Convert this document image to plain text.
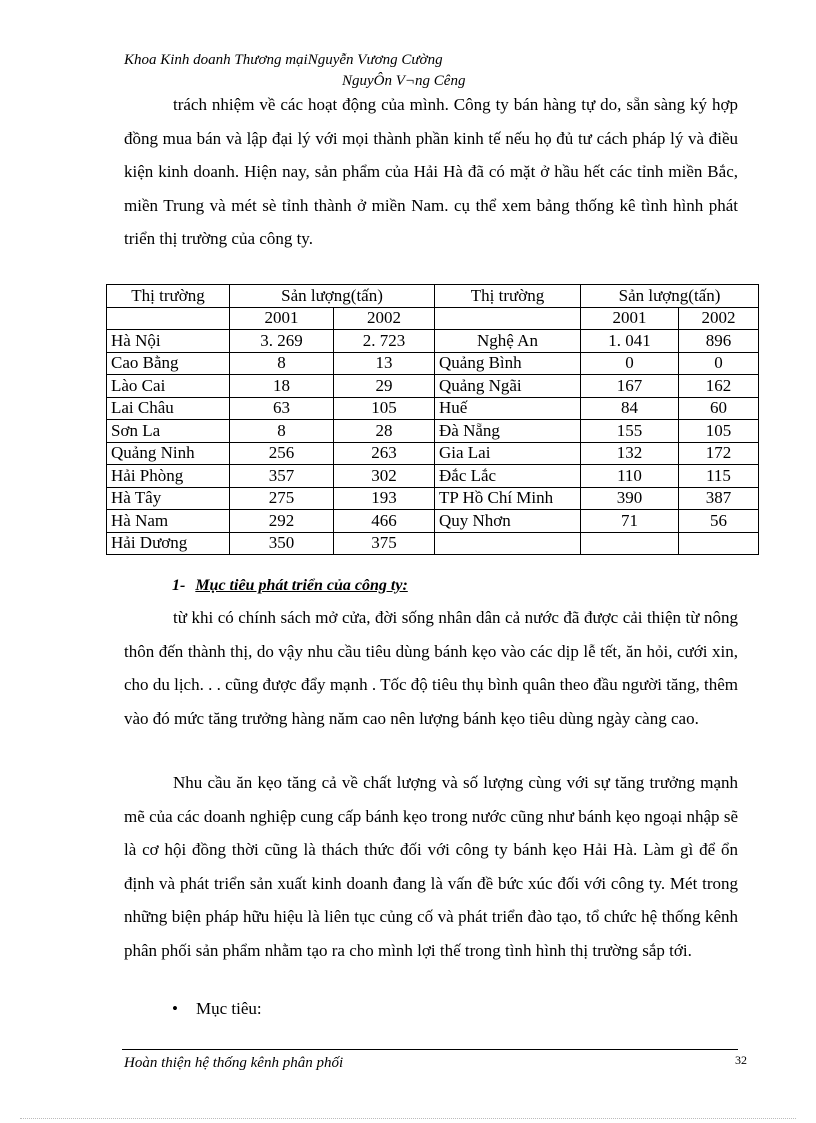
Khoa Kinh doanh Thương mạiNguyễn Vương Cường
NguyÔn V¬ng Cêng

trách nhiệm về các hoạt động của mình. Công ty bán hàng tự do, sẵn sàng ký hợp đồng mua bán và lập đại lý với mọi thành phần kinh tế nếu họ đủ tư cách pháp lý và điều kiện kinh doanh. Hiện nay, sản phẩm của Hải Hà đã có mặt ở hầu hết các tỉnh miền Bắc, miền Trung và mét sè tỉnh thành ở miền Nam. cụ thể xem bảng thống kê tình hình phát triển thị trường của công ty.

Thị trường	Sản lượng(tấn)		Thị trường	Sản lượng(tấn)	
	2001	2002		2001	2002
Hà Nội	3. 269	2. 723	Nghệ An	1. 041	896
Cao Bằng	8	13	Quảng Bình	0	0
Lào Cai	18	29	Quảng Ngãi	167	162
Lai Châu	63	105	Huế	84	60
Sơn La	8	28	Đà Nẵng	155	105
Quảng Ninh	256	263	Gia Lai	132	172
Hải Phòng	357	302	Đắc Lắc	110	115
Hà Tây	275	193	TP Hồ Chí Minh	390	387
Hà Nam	292	466	Quy Nhơn	71	56
Hải Dương	350	375			

từ khi có chính sách mở cửa, đời sống nhân dân cả nước đã được cải thiện từ nông thôn đến thành thị, do vậy nhu cầu tiêu dùng bánh kẹo vào các dịp lễ tết, ăn hỏi, cưới xin, cho du lịch. . . cũng được đẩy mạnh . Tốc độ tiêu thụ bình quân theo đầu người tăng, thêm vào đó mức tăng trưởng hàng năm cao nên lượng bánh kẹo tiêu dùng ngày càng cao.

1- Mục tiêu phát triển của công ty:

Nhu cầu ăn kẹo tăng cả về chất lượng và số lượng cùng với sự tăng trưởng mạnh mẽ của các doanh nghiệp cung cấp bánh kẹo trong nước cũng như bánh kẹo ngoại nhập sẽ là cơ hội đồng thời cũng là thách thức đối với công ty bánh kẹo Hải Hà. Làm gì để ổn định và phát triển sản xuất kinh doanh đang là vấn đề bức xúc đối với công ty. Mét trong những biện pháp hữu hiệu là liên tục củng cố và phát triển đào tạo, tổ chức hệ thống kênh phân phối sản phẩm nhằm tạo ra cho mình lợi thế trong tình hình thị trường sắp tới.

• Mục tiêu:
Hoàn thiện hệ thống kênh phân phối	32
